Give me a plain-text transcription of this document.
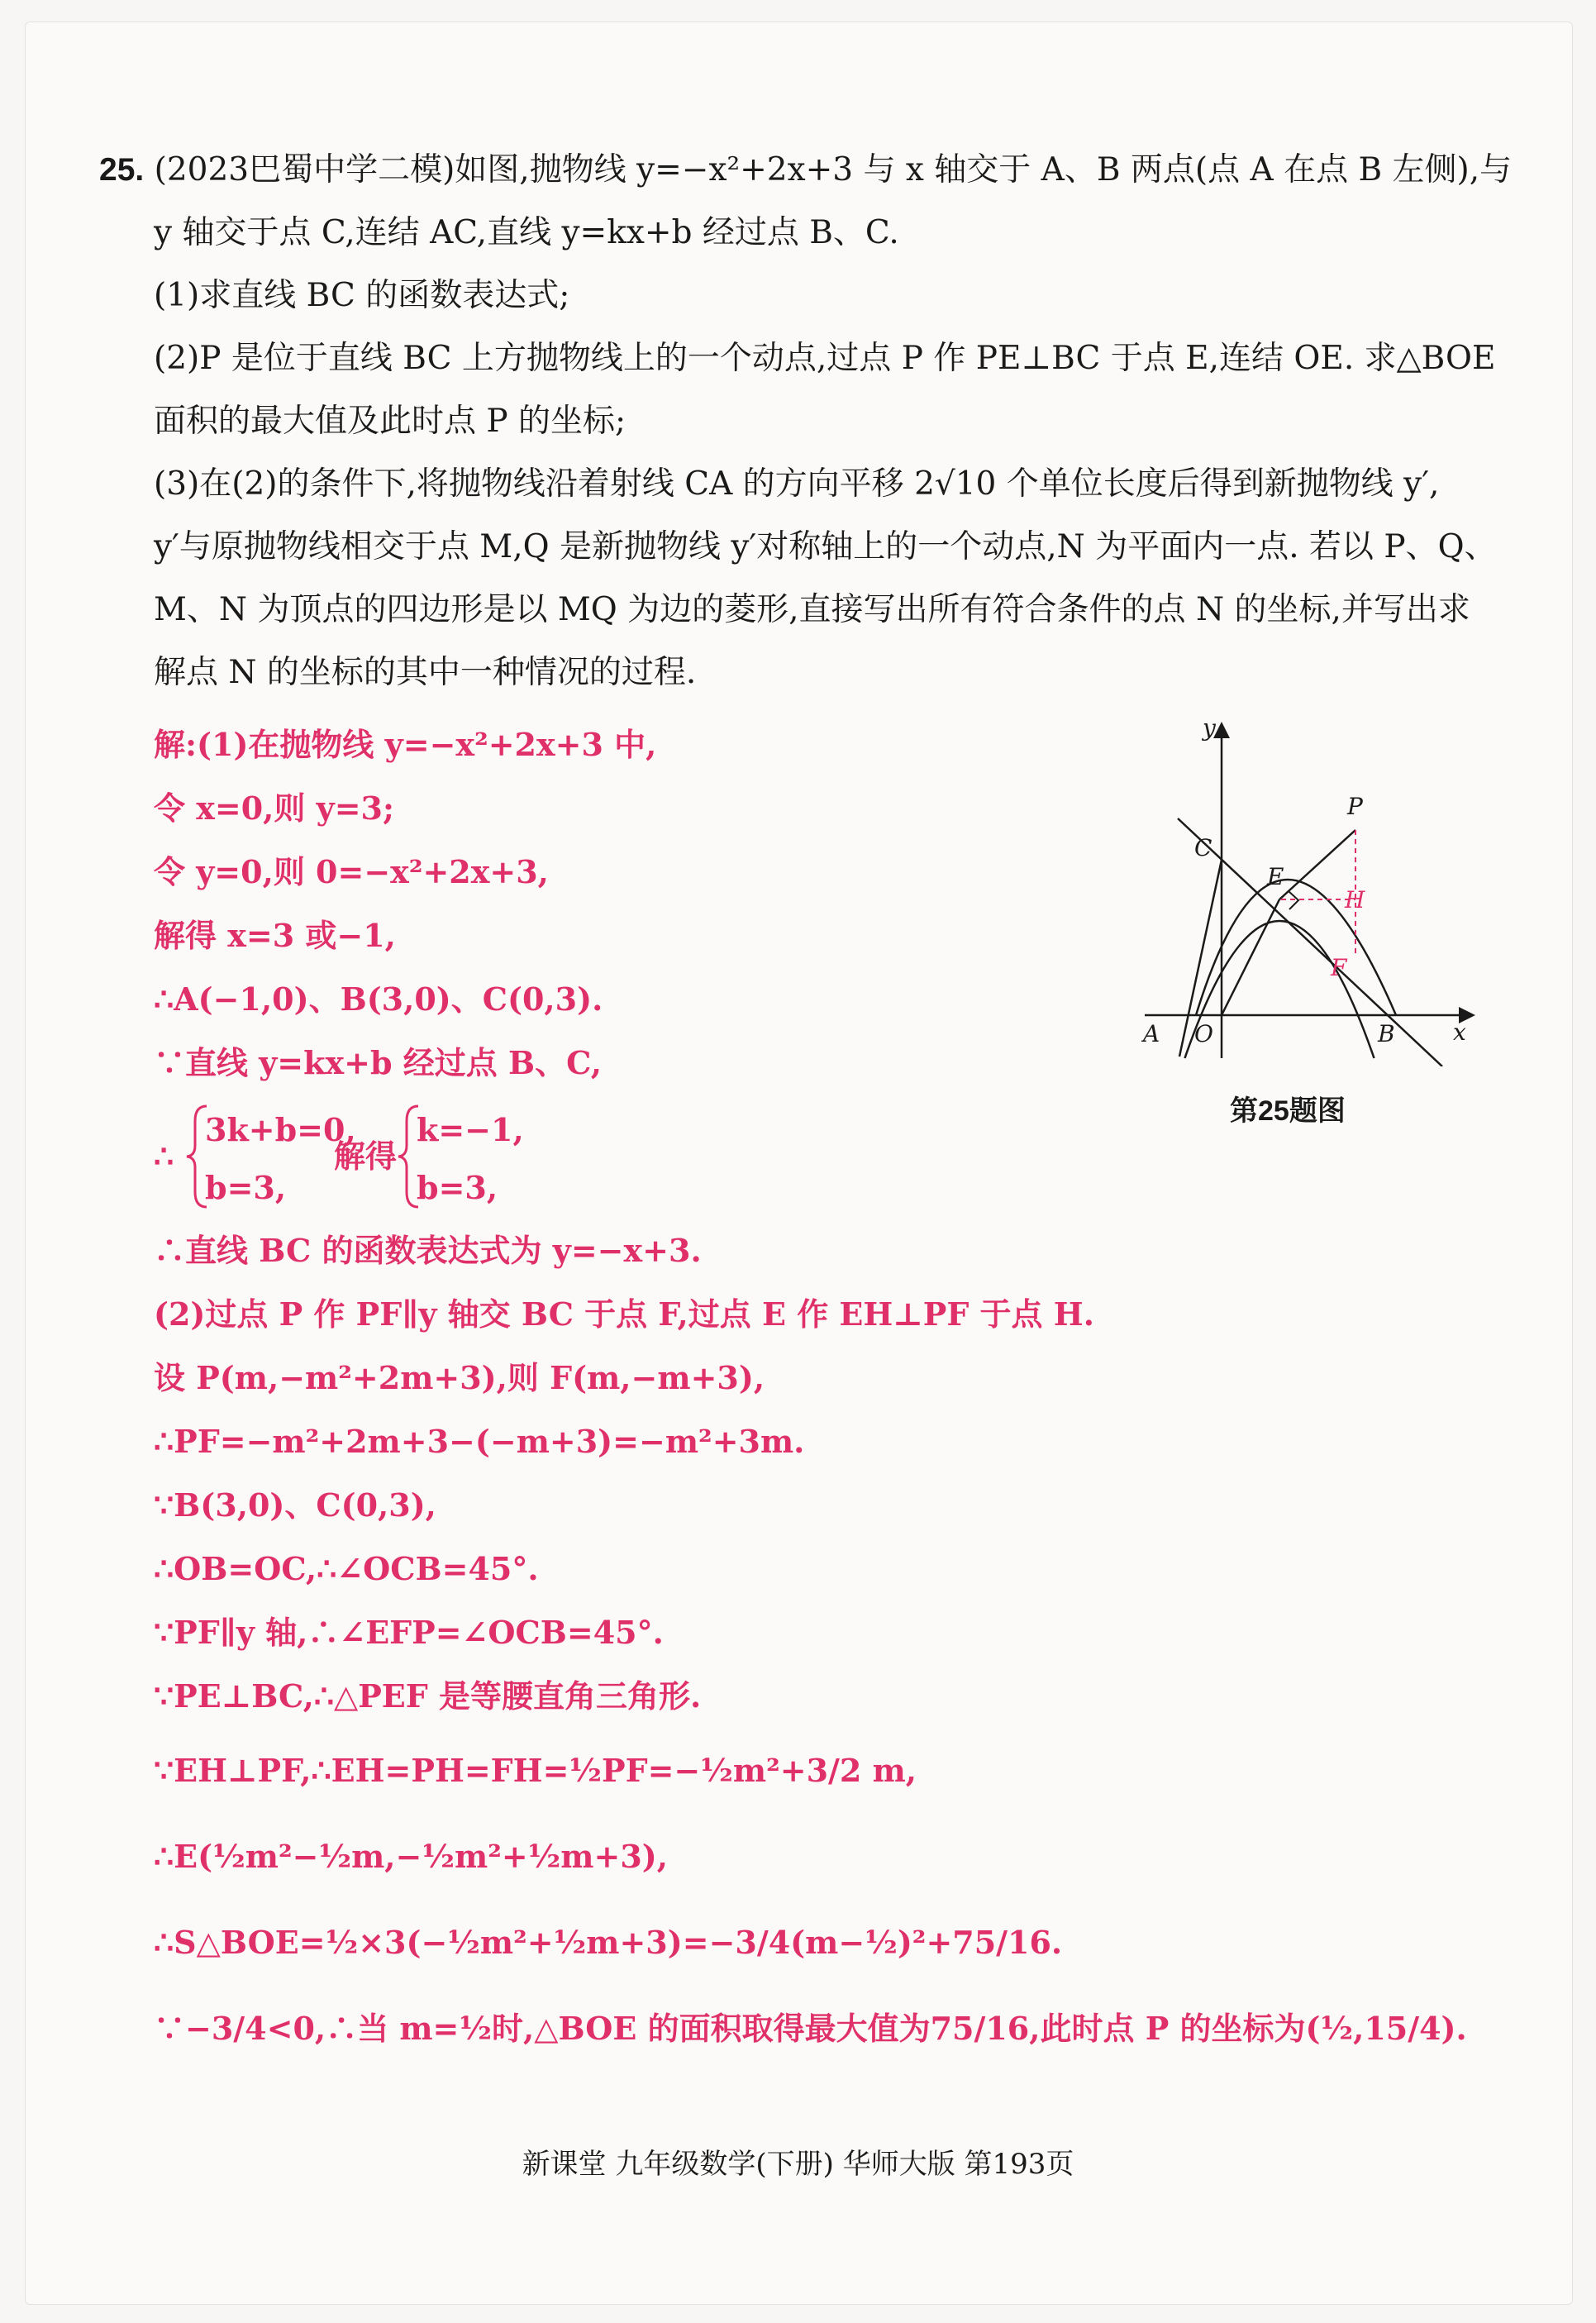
25. (2023巴蜀中学二模)如图,抛物线 y=−x²+2x+3 与 x 轴交于 A、B 两点(点 A 在点 B 左侧),与
y 轴交于点 C,连结 AC,直线 y=kx+b 经过点 B、C.
(1)求直线 BC 的函数表达式;
(2)P 是位于直线 BC 上方抛物线上的一个动点,过点 P 作 PE⊥BC 于点 E,连结 OE. 求△BOE
面积的最大值及此时点 P 的坐标;
(3)在(2)的条件下,将抛物线沿着射线 CA 的方向平移 2√10 个单位长度后得到新抛物线 y′,
y′与原抛物线相交于点 M,Q 是新抛物线 y′对称轴上的一个动点,N 为平面内一点. 若以 P、Q、
M、N 为顶点的四边形是以 MQ 为边的菱形,直接写出所有符合条件的点 N 的坐标,并写出求
解点 N 的坐标的其中一种情况的过程.
解:(1)在抛物线 y=−x²+2x+3 中,
令 x=0,则 y=3;
令 y=0,则 0=−x²+2x+3,
解得 x=3 或−1,
∴A(−1,0)、B(3,0)、C(0,3).
∵直线 y=kx+b 经过点 B、C,
∴
3k+b=0,
b=3,
解得
k=−1,
b=3,
∴直线 BC 的函数表达式为 y=−x+3.
(2)过点 P 作 PF∥y 轴交 BC 于点 F,过点 E 作 EH⊥PF 于点 H.
设 P(m,−m²+2m+3),则 F(m,−m+3),
∴PF=−m²+2m+3−(−m+3)=−m²+3m.
∵B(3,0)、C(0,3),
∴OB=OC,∴∠OCB=45°.
∵PF∥y 轴,∴∠EFP=∠OCB=45°.
∵PE⊥BC,∴△PEF 是等腰直角三角形.
∵EH⊥PF,∴EH=PH=FH=½PF=−½m²+3/2 m,
∴E(½m²−½m,−½m²+½m+3),
∴S△BOE=½×3(−½m²+½m+3)=−3/4(m−½)²+75/16.
∵−3/4<0,∴当 m=½时,△BOE 的面积取得最大值为75/16,此时点 P 的坐标为(½,15/4).
y
x
A O	B
C
E
P
H
F
第25题图
新课堂 九年级数学(下册) 华师大版 第193页
